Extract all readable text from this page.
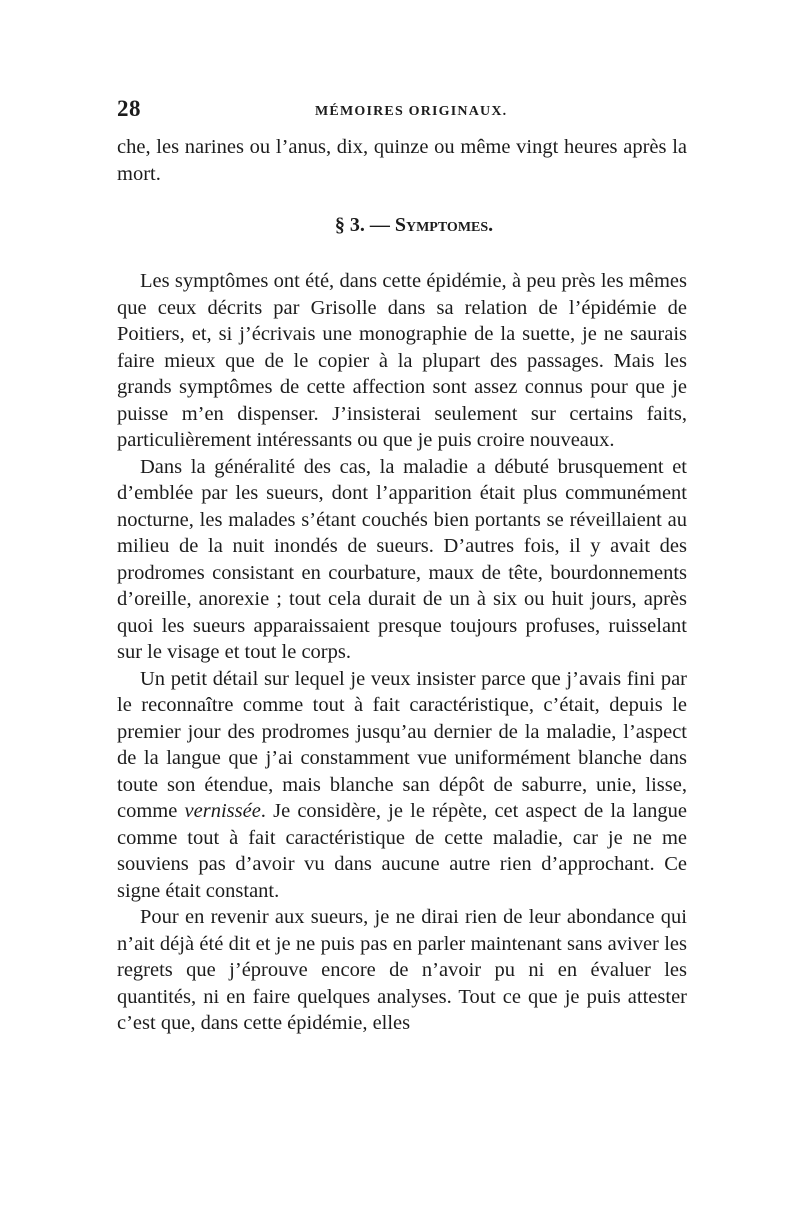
28	MÉMOIRES ORIGINAUX.

che, les narines ou l’anus, dix, quinze ou même vingt heures après la mort.

§ 3. — Symptomes.

Les symptômes ont été, dans cette épidémie, à peu près les mêmes que ceux décrits par Grisolle dans sa relation de l’épidémie de Poitiers, et, si j’écrivais une monographie de la suette, je ne saurais faire mieux que de le copier à la plupart des passages. Mais les grands symptômes de cette affection sont assez connus pour que je puisse m’en dispenser. J’insisterai seulement sur certains faits, particulièrement intéressants ou que je puis croire nouveaux.

Dans la généralité des cas, la maladie a débuté brusquement et d’emblée par les sueurs, dont l’apparition était plus communément nocturne, les malades s’étant couchés bien portants se réveillaient au milieu de la nuit inondés de sueurs. D’autres fois, il y avait des prodromes consistant en courbature, maux de tête, bourdonnements d’oreille, anorexie ; tout cela durait de un à six ou huit jours, après quoi les sueurs apparaissaient presque toujours profuses, ruisselant sur le visage et tout le corps.

Un petit détail sur lequel je veux insister parce que j’avais fini par le reconnaître comme tout à fait caractéristique, c’était, depuis le premier jour des prodromes jusqu’au dernier de la maladie, l’aspect de la langue que j’ai constamment vue uniformément blanche dans toute son étendue, mais blanche san dépôt de saburre, unie, lisse, comme vernissée. Je considère, je le répète, cet aspect de la langue comme tout à fait caractéristique de cette maladie, car je ne me souviens pas d’avoir vu dans aucune autre rien d’approchant. Ce signe était constant.

Pour en revenir aux sueurs, je ne dirai rien de leur abondance qui n’ait déjà été dit et je ne puis pas en parler maintenant sans aviver les regrets que j’éprouve encore de n’avoir pu ni en évaluer les quantités, ni en faire quelques analyses. Tout ce que je puis attester c’est que, dans cette épidémie, elles
